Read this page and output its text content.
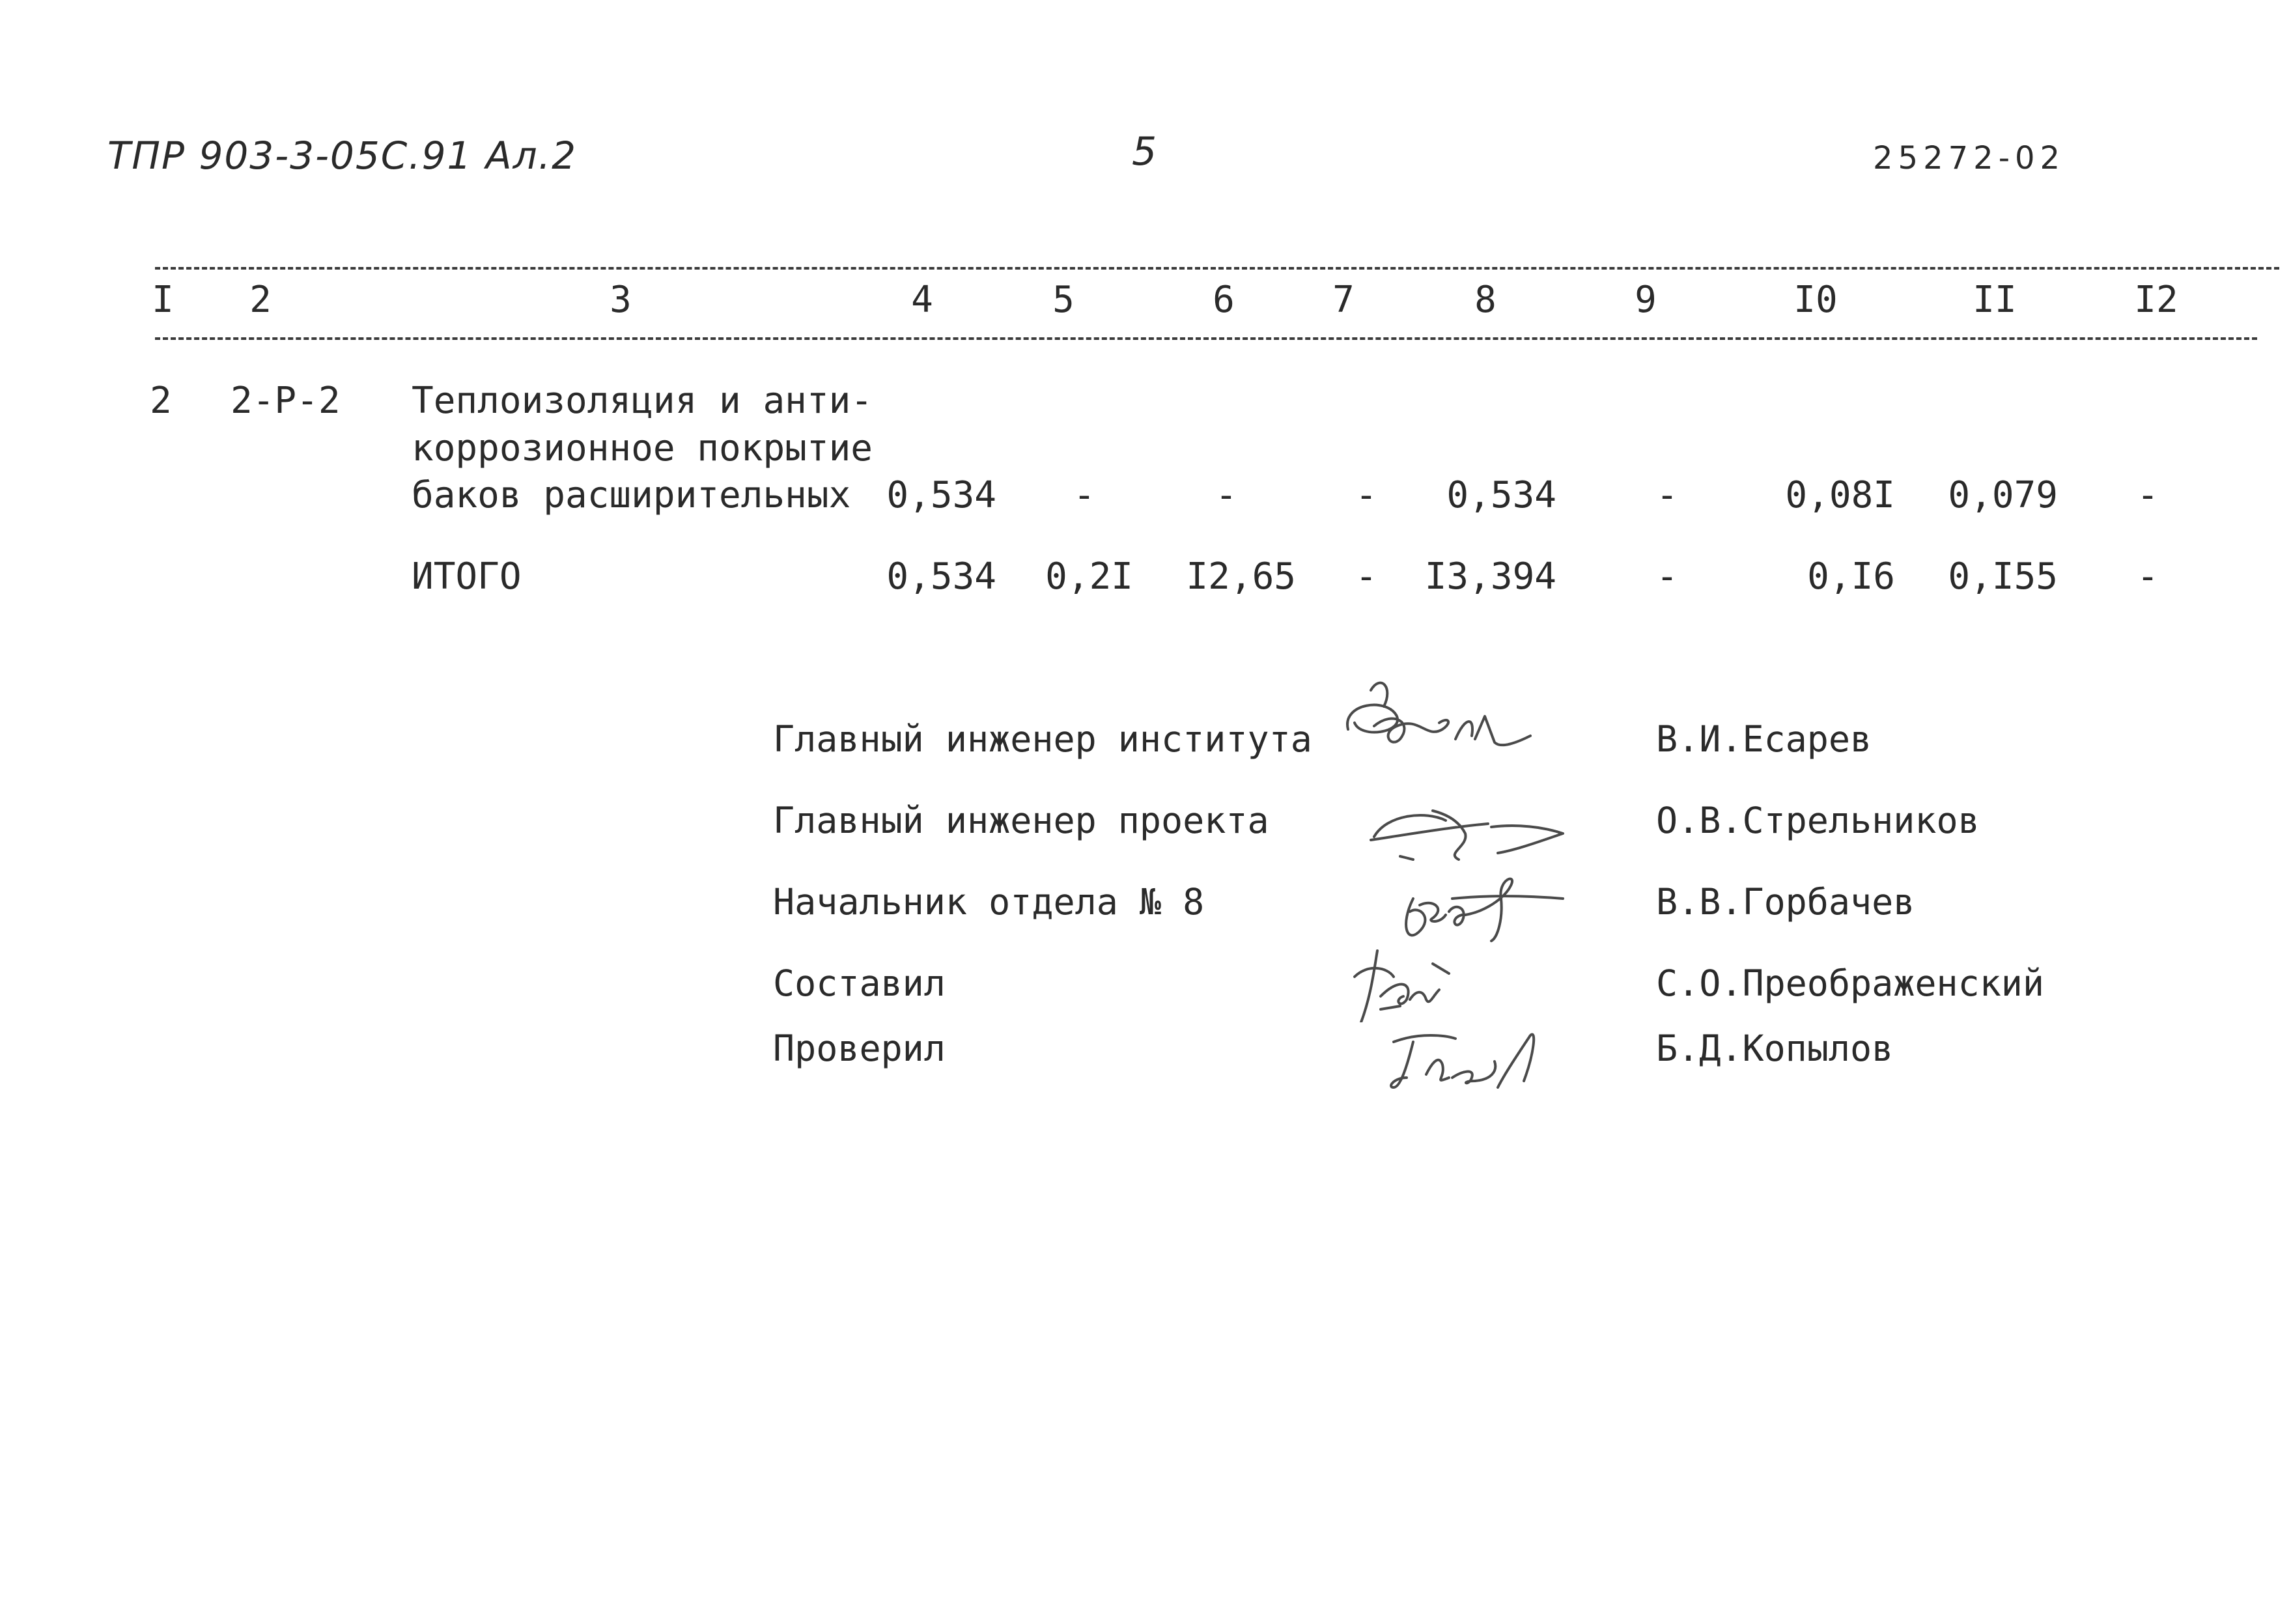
ТПР 903-3-05С.91 Ал.2	5	25272-02
I	2	3	4	5	6	7	8	9	I0	II	I2
2 2-Р-2 Теплоизоляция и анти-
коррозионное покрытие
баков расширительных 0,534	-	-	-	0,534	-	0,08I	0,079	-
ИТОГО	0,534	0,2I	I2,65	-	I3,394	-	0,I6	0,I55	-
Главный инженер института
Главный инженер проекта
Начальник отдела № 8
Составил
Проверил
В.И.Есарев
О.В.Стрельников
В.В.Горбачев
С.О.Преображенский
Б.Д.Копылов
